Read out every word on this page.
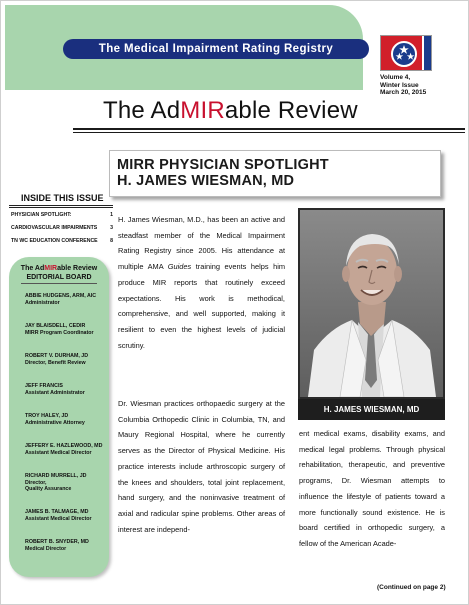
The Medical Impairment Rating Registry
Volume 4,
Winter Issue
March 20, 2015
The AdMIRable Review
MIRR PHYSICIAN SPOTLIGHT
H. JAMES WIESMAN, MD
INSIDE THIS ISSUE
PHYSICIAN SPOTLIGHT:	1
CARDIOVASCULAR IMPAIRMENTS 3
TN WC EDUCATION CONFERENCE 8
The AdMIRable Review
EDITORIAL BOARD
ABBIE HUDGENS, ARM, AIC
Administrator
JAY BLAISDELL, CEDIR
MIRR Program Coordinator
ROBERT V. DURHAM, JD
Director, Benefit Review
JEFF FRANCIS
Assistant Administrator
TROY HALEY, JD
Administrative Attorney
JEFFERY E. HAZLEWOOD, MD
Assistant Medical Director
RICHARD MURRELL, JD
Director,
Quality Assurance
JAMES B. TALMAGE, MD
Assistant Medical Director
ROBERT B. SNYDER, MD
Medical Director

H. James Wiesman, M.D., has been an active and steadfast member of the Medical Impairment Rating Registry since 2005. His attendance at multiple AMA Guides training events helps him produce MIR reports that routinely exceed expectations. His work is methodical, comprehensive, and well supported, making it resilient to even the highest levels of judicial scrutiny.

Dr. Wiesman practices orthopaedic surgery at the Columbia Orthopedic Clinic in Columbia, TN, and Maury Regional Hospital, where he currently serves as the Director of Physical Medicine. His practice interests include arthroscopic surgery of the knees and shoulders, total joint replacement, hand surgery, and the noninvasive treatment of axial and radicular spine problems. Other areas of interest are independ-

H. JAMES WIESMAN, MD

ent medical exams, disability exams, and medical legal problems. Through physical rehabilitation, therapeutic, and preventive programs, Dr. Wiesman attempts to influence the lifestyle of patients toward a more functionally sound existence. He is board certified in orthopedic surgery, a fellow of the American Acade-

(Continued on page 2)
